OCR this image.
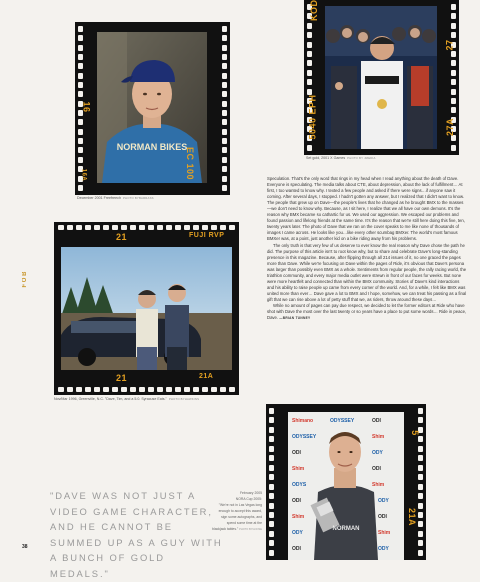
NORMAN BIKES
16
EC 100
16A
December 2001 Freefreech PHOTO BYBARRASS
KOD
27
27A
5040 EPH
Set gold, 2001 X Games PHOTO BY JMEDIA
21	FUJI RVP
21	21A
Nov/Mar 1996, Greenville, N.C. "Dave, Tim, and a 5.0. Syracuse Eats." PHOTO BYHAWKINS
Shimano	ODYSSEY	ODI
ODYSSEY	Shim
ODI	ODY
Shim	ODI
ODYS	Shim
ODI	ODY
Shim	ODI
ODY	Shim
ODI	ODY
NORMAN
5
21A
FOB

Speculation. That's the only word that rings in my head when I read anything about the death of Dave. Everyone is speculating. The media talks about CTE, about depression, about the lack of fulfillment… At first, I too wanted to know why. I texted a few people and asked if there were signs…if anyone saw it coming. After several days, I stopped. I hadn't gotten any answer, but I realized that I didn't want to know. The people that grew up on Dave—the people's lives that he changed as he brought BMX to the masses—we don't need to know why. Because, as I sit here, I realize that we all have our own demons. It's the reason why BMX became so cathartic for us. We used our aggression. We escaped our problems and found passion and lifelong friends at the same time. It's the reason that we're still here doing this five, ten, twenty years later. The photo of Dave that we ran on the cover speaks to me like none of thousands of images I came across. He looks like you…like every other scumbag BMXer. The world's most famous BMXer was, at a point, just another kid on a bike riding away from his problems.

The only truth is that very few of us deserve to ever know the real reason why Dave chose the path he did. The purpose of this article isn't to root know why, but to share and celebrate Dave's long-standing presence in this magazine. Because, after flipping through all 214 issues of it, no one graced the pages more than Dave. While we're focusing on Dave within the pages of Ride, it's obvious that Dave's persona was larger than possibly even BMX as a whole. Sentiments from regular people, the rally racing world, the triathlon community, and every major media outlet were strewn in front of our faces for weeks. But none were more heartfelt and connected than within the BMX community. Stories of Dave's kind interactions and his ability to raise people up came from every corner of the world. And, for a while, I felt like BMX was united more than ever… Dave gave a lot to BMX and I hope, somehow, we can treat his passing as a final gift that we can rise above a lot of petty stuff that we, as riders, throw around these days…

While no amount of pages can pay due respect, we decided to let the former editors at Ride who have shot with Dave the most over the last twenty or so years have a place to put some words… Ride in peace, Dave. —BRIAN TUNNEY

"DAVE WAS NOT JUST A VIDEO GAME CHARACTER, AND HE CANNOT BE SUMMED UP AS A GUY WITH A BUNCH OF GOLD MEDALS."
February 2005
NORA Cup 2005:
"We're not in Las Vegas long
enough to accept this award,
sign some autographs, and
spend some time at the
blackjack tables." PHOTO BYGOOSE
38
